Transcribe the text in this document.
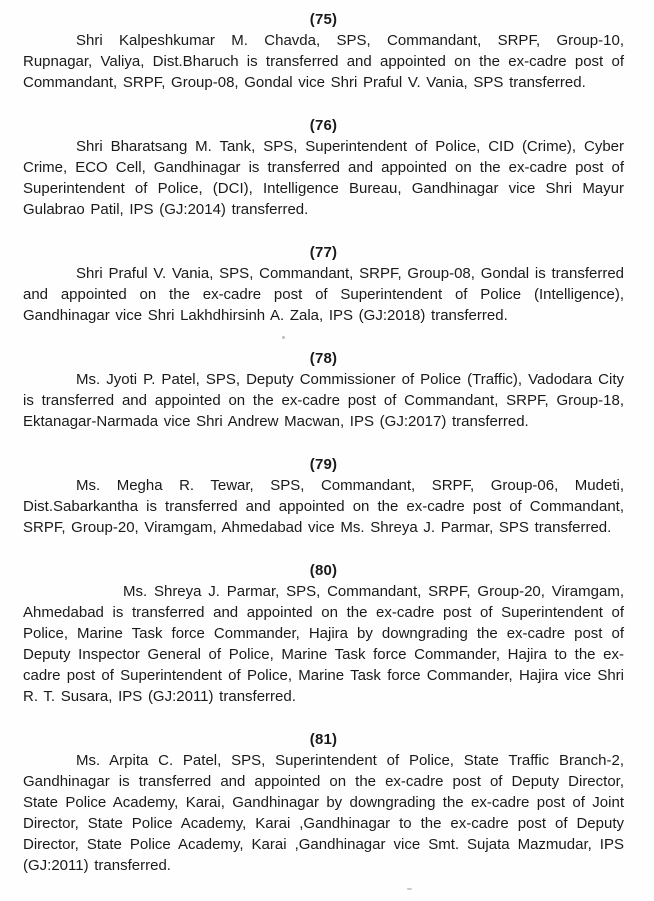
(75)

Shri Kalpeshkumar M. Chavda, SPS, Commandant, SRPF, Group-10, Rupnagar, Valiya, Dist.Bharuch is transferred and appointed on the ex-cadre post of Commandant, SRPF, Group-08, Gondal vice Shri Praful V. Vania, SPS transferred.

(76)

Shri Bharatsang M. Tank, SPS, Superintendent of Police, CID (Crime), Cyber Crime, ECO Cell, Gandhinagar is transferred and appointed on the ex-cadre post of Superintendent of Police, (DCI), Intelligence Bureau, Gandhinagar vice Shri Mayur Gulabrao Patil, IPS (GJ:2014) transferred.

(77)

Shri Praful V. Vania, SPS, Commandant, SRPF, Group-08, Gondal is transferred and appointed on the ex-cadre post of Superintendent of Police (Intelligence), Gandhinagar vice Shri Lakhdhirsinh A. Zala, IPS (GJ:2018) transferred.

(78)

Ms. Jyoti P. Patel, SPS, Deputy Commissioner of Police (Traffic), Vadodara City is transferred and appointed on the ex-cadre post of Commandant, SRPF, Group-18, Ektanagar-Narmada vice Shri Andrew Macwan, IPS (GJ:2017) transferred.

(79)

Ms. Megha R. Tewar, SPS, Commandant, SRPF, Group-06, Mudeti, Dist.Sabarkantha is transferred and appointed on the ex-cadre post of Commandant, SRPF, Group-20, Viramgam, Ahmedabad vice Ms. Shreya J. Parmar, SPS transferred.

(80)

Ms. Shreya J. Parmar, SPS, Commandant, SRPF, Group-20, Viramgam, Ahmedabad is transferred and appointed on the ex-cadre post of Superintendent of Police, Marine Task force Commander, Hajira by downgrading the ex-cadre post of Deputy Inspector General of Police, Marine Task force Commander, Hajira to the ex-cadre post of Superintendent of Police, Marine Task force Commander, Hajira vice Shri R. T. Susara, IPS (GJ:2011) transferred.

(81)

Ms. Arpita C. Patel, SPS, Superintendent of Police, State Traffic Branch-2, Gandhinagar is transferred and appointed on the ex-cadre post of Deputy Director, State Police Academy, Karai, Gandhinagar by downgrading the ex-cadre post of Joint Director, State Police Academy, Karai ,Gandhinagar to the ex-cadre post of Deputy Director, State Police Academy, Karai ,Gandhinagar vice Smt. Sujata Mazmudar, IPS (GJ:2011) transferred.
